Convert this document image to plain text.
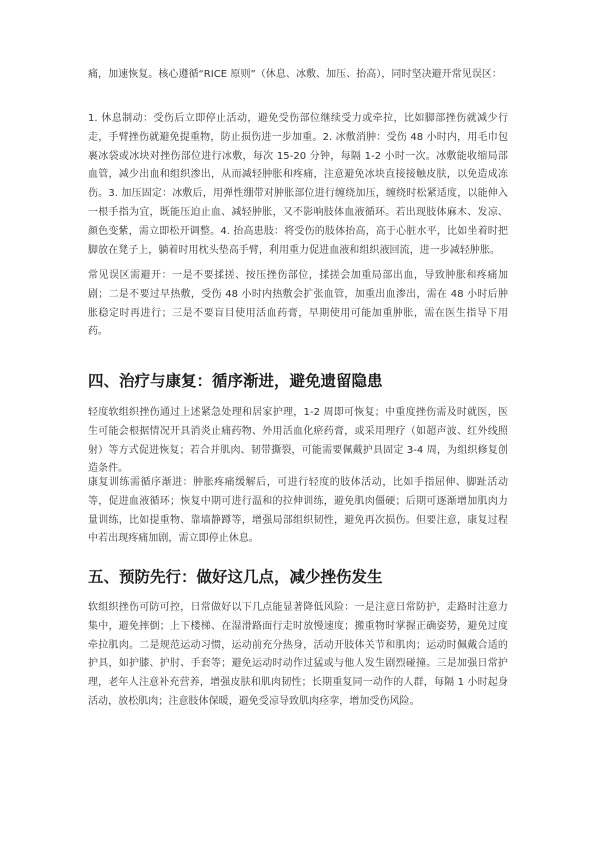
痛，加速恢复。核心遵循“RICE 原则”（休息、冰敷、加压、抬高），同时坚决避开常见误区：

1. 休息制动：受伤后立即停止活动，避免受伤部位继续受力或牵拉，比如脚部挫伤就减少行走，手臂挫伤就避免提重物，防止损伤进一步加重。2. 冰敷消肿：受伤 48 小时内，用毛巾包裹冰袋或冰块对挫伤部位进行冰敷，每次 15-20 分钟，每隔 1-2 小时一次。冰敷能收缩局部血管，减少出血和组织渗出，从而减轻肿胀和疼痛，注意避免冰块直接接触皮肤，以免造成冻伤。3. 加压固定：冰敷后，用弹性绷带对肿胀部位进行缠绕加压，缠绕时松紧适度，以能伸入一根手指为宜，既能压迫止血、减轻肿胀，又不影响肢体血液循环。若出现肢体麻木、发凉、颜色变紫，需立即松开调整。4. 抬高患肢：将受伤的肢体抬高，高于心脏水平，比如坐着时把脚放在凳子上，躺着时用枕头垫高手臂，利用重力促进血液和组织液回流，进一步减轻肿胀。

常见误区需避开：一是不要揉搓、按压挫伤部位，揉搓会加重局部出血，导致肿胀和疼痛加剧；二是不要过早热敷，受伤 48 小时内热敷会扩张血管，加重出血渗出，需在 48 小时后肿胀稳定时再进行；三是不要盲目使用活血药膏，早期使用可能加重肿胀，需在医生指导下用药。

四、治疗与康复：循序渐进，避免遗留隐患

轻度软组织挫伤通过上述紧急处理和居家护理，1-2 周即可恢复；中重度挫伤需及时就医，医生可能会根据情况开具消炎止痛药物、外用活血化瘀药膏，或采用理疗（如超声波、红外线照射）等方式促进恢复；若合并肌肉、韧带撕裂，可能需要佩戴护具固定 3-4 周，为组织修复创造条件。

康复训练需循序渐进：肿胀疼痛缓解后，可进行轻度的肢体活动，比如手指屈伸、脚趾活动等，促进血液循环；恢复中期可进行温和的拉伸训练，避免肌肉僵硬；后期可逐渐增加肌肉力量训练，比如提重物、靠墙静蹲等，增强局部组织韧性，避免再次损伤。但要注意，康复过程中若出现疼痛加剧，需立即停止休息。

五、预防先行：做好这几点，减少挫伤发生

软组织挫伤可防可控，日常做好以下几点能显著降低风险：一是注意日常防护，走路时注意力集中，避免摔倒；上下楼梯、在湿滑路面行走时放慢速度；搬重物时掌握正确姿势，避免过度牵拉肌肉。二是规范运动习惯，运动前充分热身，活动开肢体关节和肌肉；运动时佩戴合适的护具，如护膝、护肘、手套等；避免运动时动作过猛或与他人发生剧烈碰撞。三是加强日常护理，老年人注意补充营养，增强皮肤和肌肉韧性；长期重复同一动作的人群，每隔 1 小时起身活动，放松肌肉；注意肢体保暖，避免受凉导致肌肉痉挛，增加受伤风险。
